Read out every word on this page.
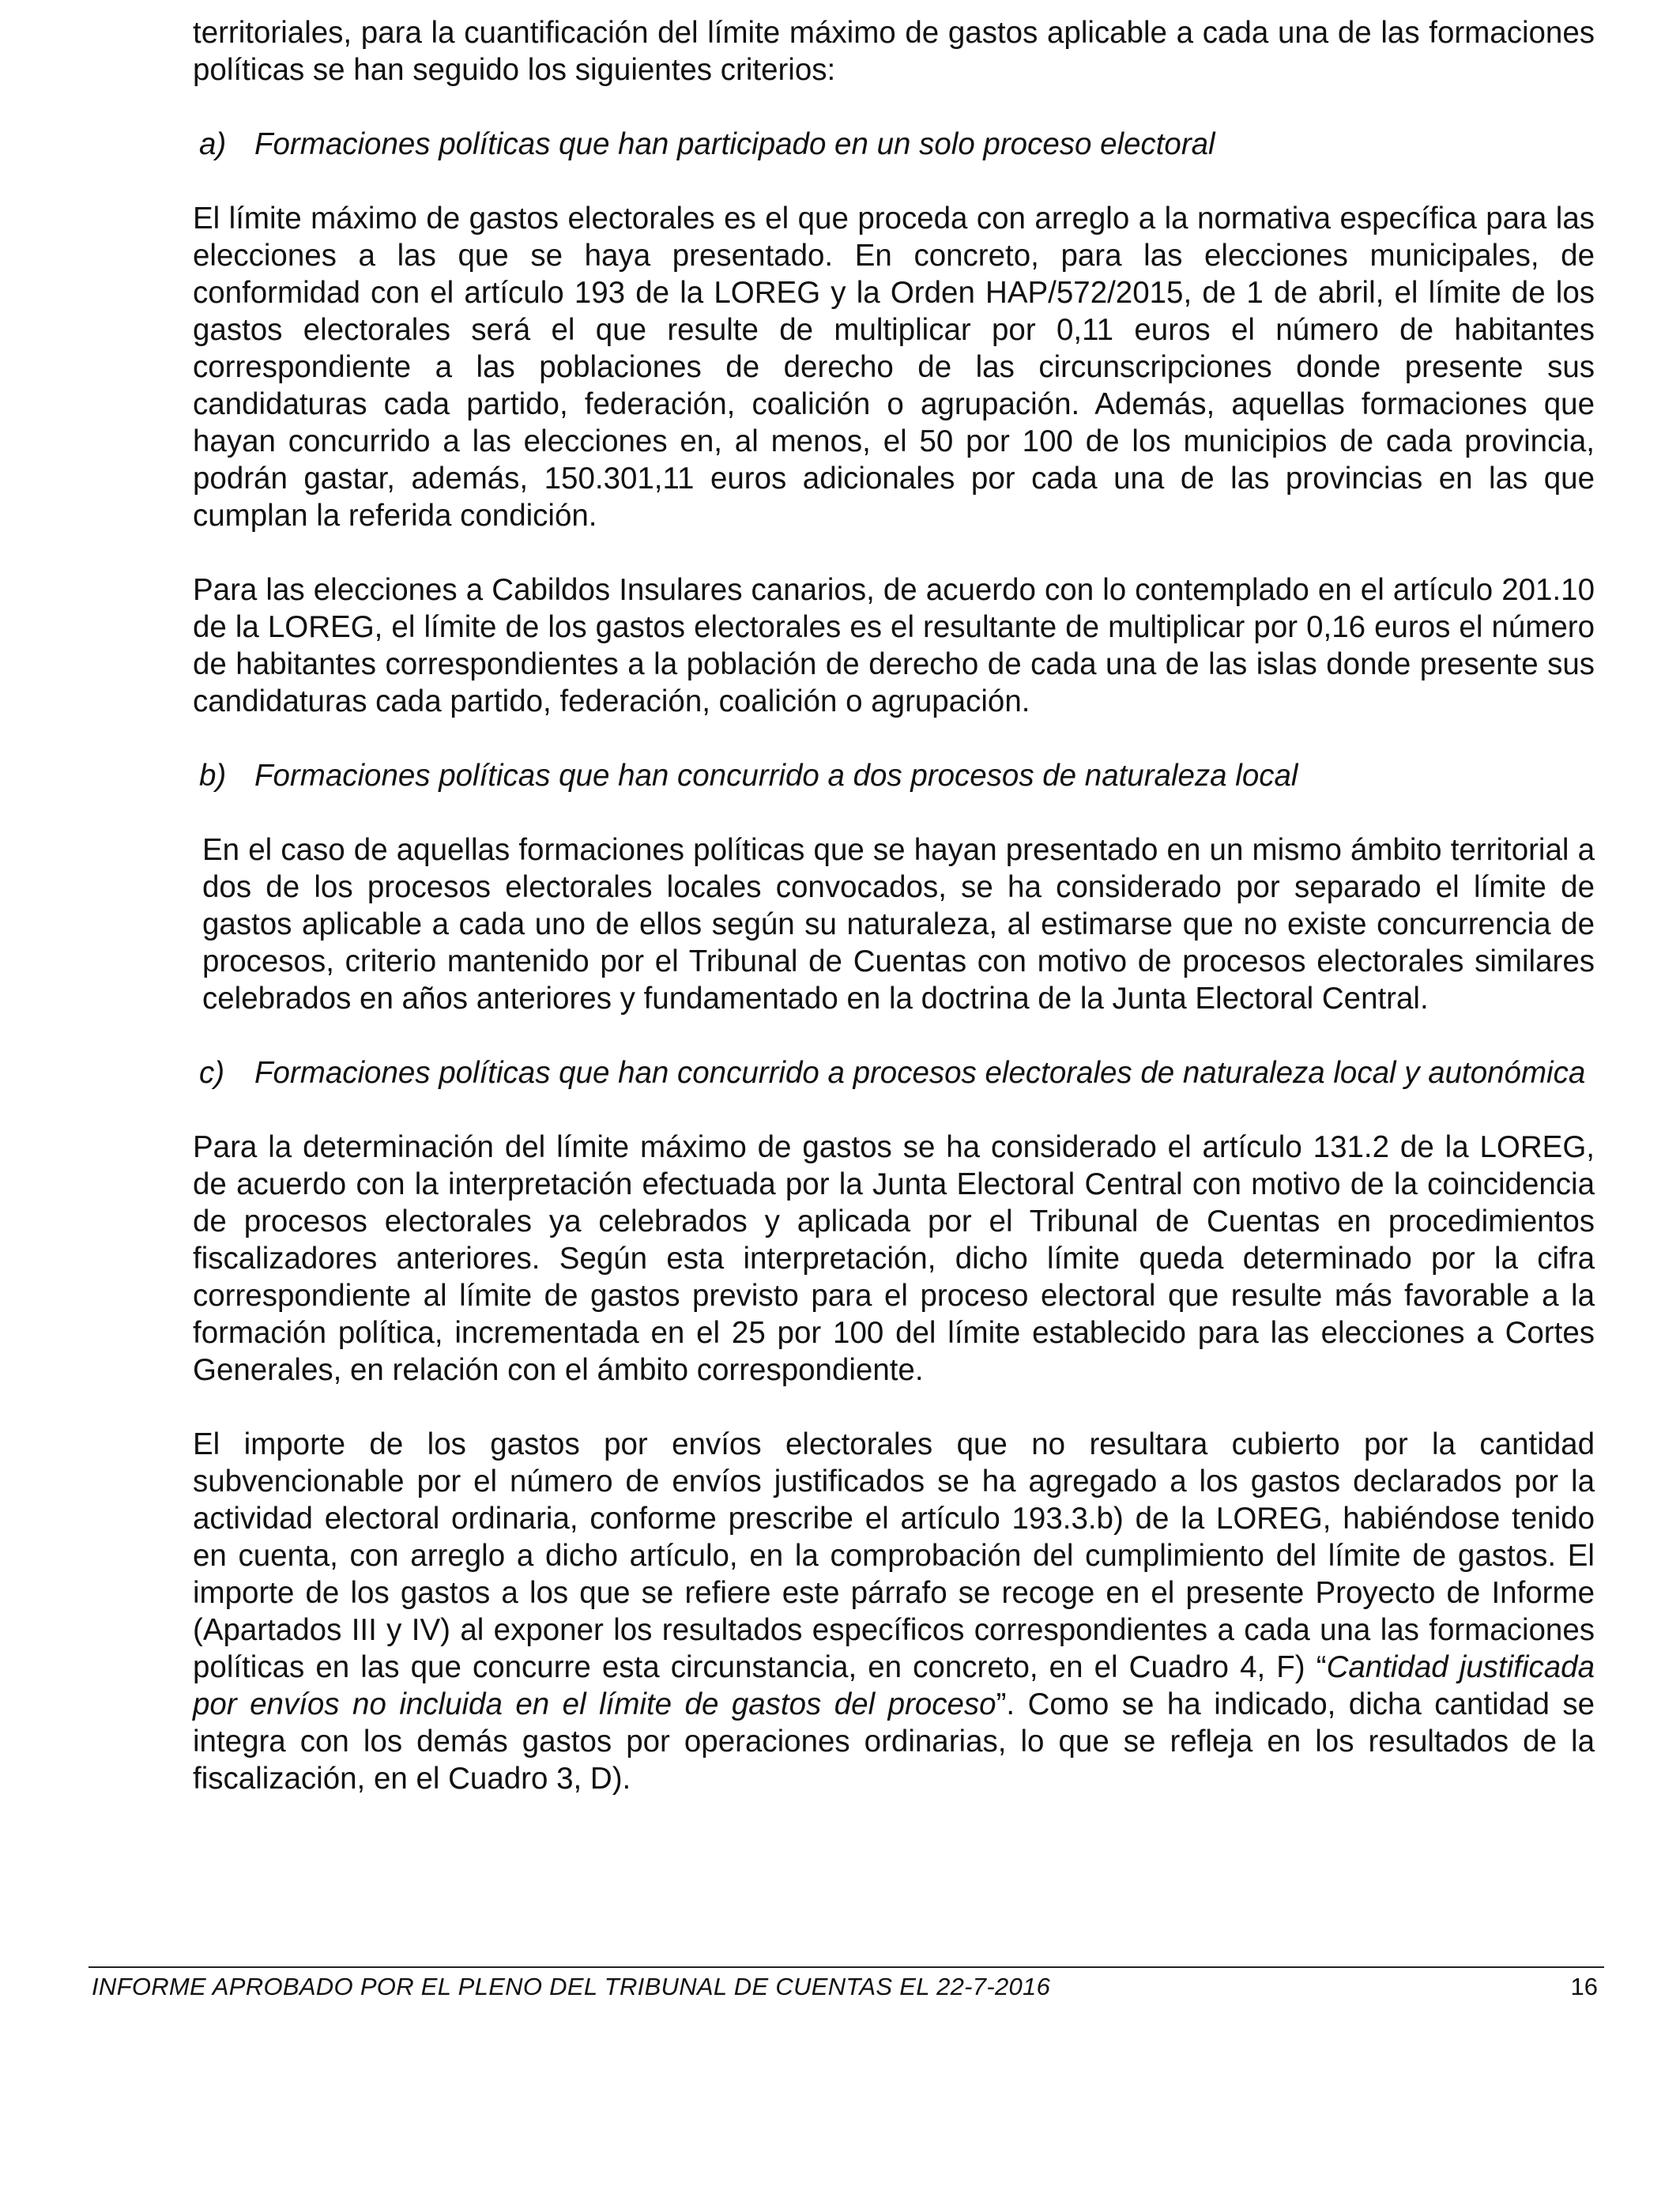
territoriales, para la cuantificación del límite máximo de gastos aplicable a cada una de las formaciones políticas se han seguido los siguientes criterios:

a) Formaciones políticas que han participado en un solo proceso electoral

El límite máximo de gastos electorales es el que proceda con arreglo a la normativa específica para las elecciones a las que se haya presentado. En concreto, para las elecciones municipales, de conformidad con el artículo 193 de la LOREG y la Orden HAP/572/2015, de 1 de abril, el límite de los gastos electorales será el que resulte de multiplicar por 0,11 euros el número de habitantes correspondiente a las poblaciones de derecho de las circunscripciones donde presente sus candidaturas cada partido, federación, coalición o agrupación. Además, aquellas formaciones que hayan concurrido a las elecciones en, al menos, el 50 por 100 de los municipios de cada provincia, podrán gastar, además, 150.301,11 euros adicionales por cada una de las provincias en las que cumplan la referida condición.

Para las elecciones a Cabildos Insulares canarios, de acuerdo con lo contemplado en el artículo 201.10 de la LOREG, el límite de los gastos electorales es el resultante de multiplicar por 0,16 euros el número de habitantes correspondientes a la población de derecho de cada una de las islas donde presente sus candidaturas cada partido, federación, coalición o agrupación.

b) Formaciones políticas que han concurrido a dos procesos de naturaleza local

En el caso de aquellas formaciones políticas que se hayan presentado en un mismo ámbito territorial a dos de los procesos electorales locales convocados, se ha considerado por separado el límite de gastos aplicable a cada uno de ellos según su naturaleza, al estimarse que no existe concurrencia de procesos, criterio mantenido por el Tribunal de Cuentas con motivo de procesos electorales similares celebrados en años anteriores y fundamentado en la doctrina de la Junta Electoral Central.

c) Formaciones políticas que han concurrido a procesos electorales de naturaleza local y autonómica

Para la determinación del límite máximo de gastos se ha considerado el artículo 131.2 de la LOREG, de acuerdo con la interpretación efectuada por la Junta Electoral Central con motivo de la coincidencia de procesos electorales ya celebrados y aplicada por el Tribunal de Cuentas en procedimientos fiscalizadores anteriores. Según esta interpretación, dicho límite queda determinado por la cifra correspondiente al límite de gastos previsto para el proceso electoral que resulte más favorable a la formación política, incrementada en el 25 por 100 del límite establecido para las elecciones a Cortes Generales, en relación con el ámbito correspondiente.

El importe de los gastos por envíos electorales que no resultara cubierto por la cantidad subvencionable por el número de envíos justificados se ha agregado a los gastos declarados por la actividad electoral ordinaria, conforme prescribe el artículo 193.3.b) de la LOREG, habiéndose tenido en cuenta, con arreglo a dicho artículo, en la comprobación del cumplimiento del límite de gastos. El importe de los gastos a los que se refiere este párrafo se recoge en el presente Proyecto de Informe (Apartados III y IV) al exponer los resultados específicos correspondientes a cada una las formaciones políticas en las que concurre esta circunstancia, en concreto, en el Cuadro 4, F) “Cantidad justificada por envíos no incluida en el límite de gastos del proceso”. Como se ha indicado, dicha cantidad se integra con los demás gastos por operaciones ordinarias, lo que se refleja en los resultados de la fiscalización, en el Cuadro 3, D).

INFORME APROBADO POR EL PLENO DEL TRIBUNAL DE CUENTAS EL 22-7-2016	16
